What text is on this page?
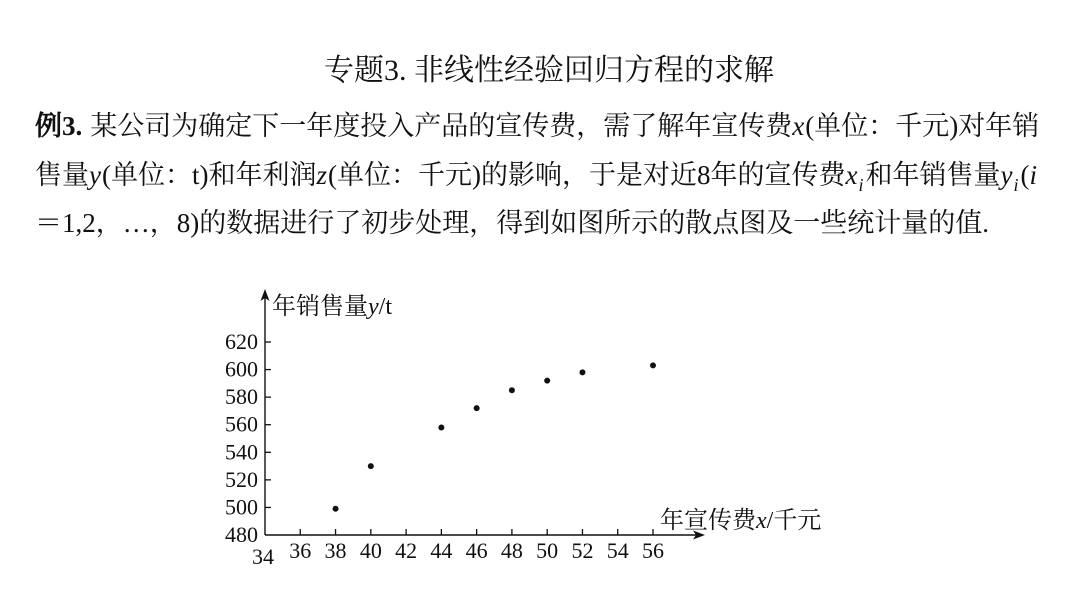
专题3. 非线性经验回归方程的求解
例3. 某公司为确定下一年度投入产品的宣传费，需了解年宣传费 x (单位：千元)对年销
售量 y (单位：t)和年利润 z (单位：千元)的影响，于是对近8年的宣传费 x i 和年销售量 y i ( i
＝1,2，…，8)的数据进行了初步处理，得到如图所示的散点图及一些统计量的值.
480
500
520
540
560
580
600
620
34 36 38 40 42 44 46 48 50 52 54 56
年销售量y/t
年宣传费x/千元
